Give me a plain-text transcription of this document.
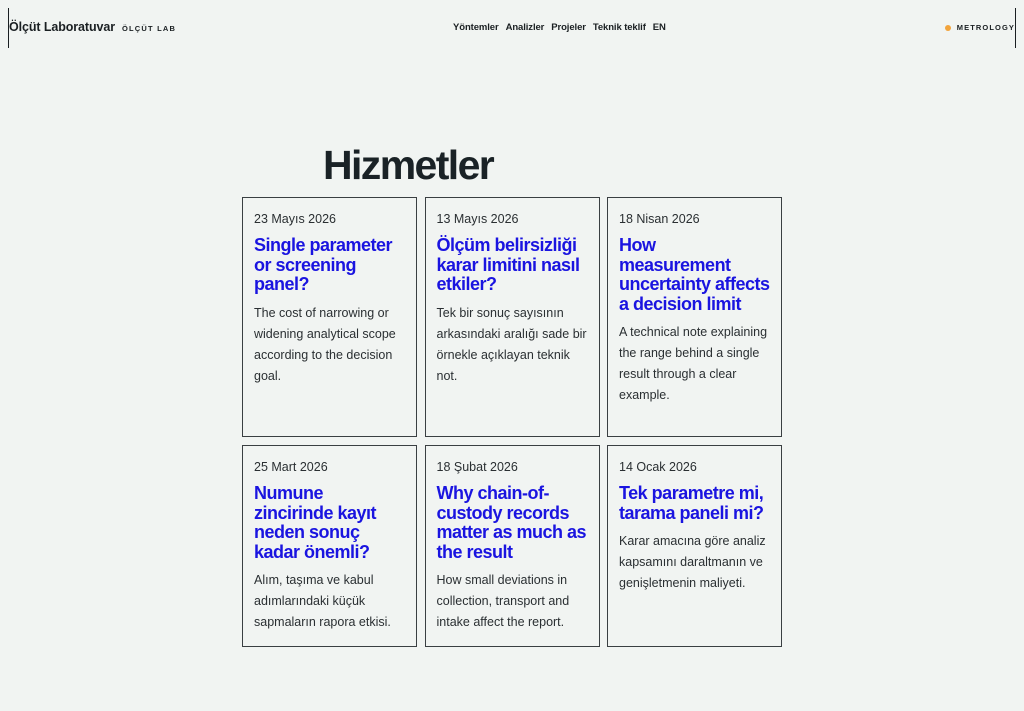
Ölçüt Laboratuvar ÖLÇÜT LAB	Yöntemler Analizler Projeler Teknik teklif EN	METROLOGY
Hizmetler
23 Mayıs 2026
Single parameter or screening panel?

The cost of narrowing or widening analytical scope according to the decision goal.

13 Mayıs 2026
Ölçüm belirsizliği karar limitini nasıl etkiler?

Tek bir sonuç sayısının arkasındaki aralığı sade bir örnekle açıklayan teknik not.

18 Nisan 2026
How measurement uncertainty affects a decision limit

A technical note explaining the range behind a single result through a clear example.

25 Mart 2026
Numune zincirinde kayıt neden sonuç kadar önemli?

Alım, taşıma ve kabul adımlarındaki küçük sapmaların rapora etkisi.

18 Şubat 2026
Why chain-of-custody records matter as much as the result

How small deviations in collection, transport and intake affect the report.

14 Ocak 2026
Tek parametre mi, tarama paneli mi?

Karar amacına göre analiz kapsamını daraltmanın ve genişletmenin maliyeti.
